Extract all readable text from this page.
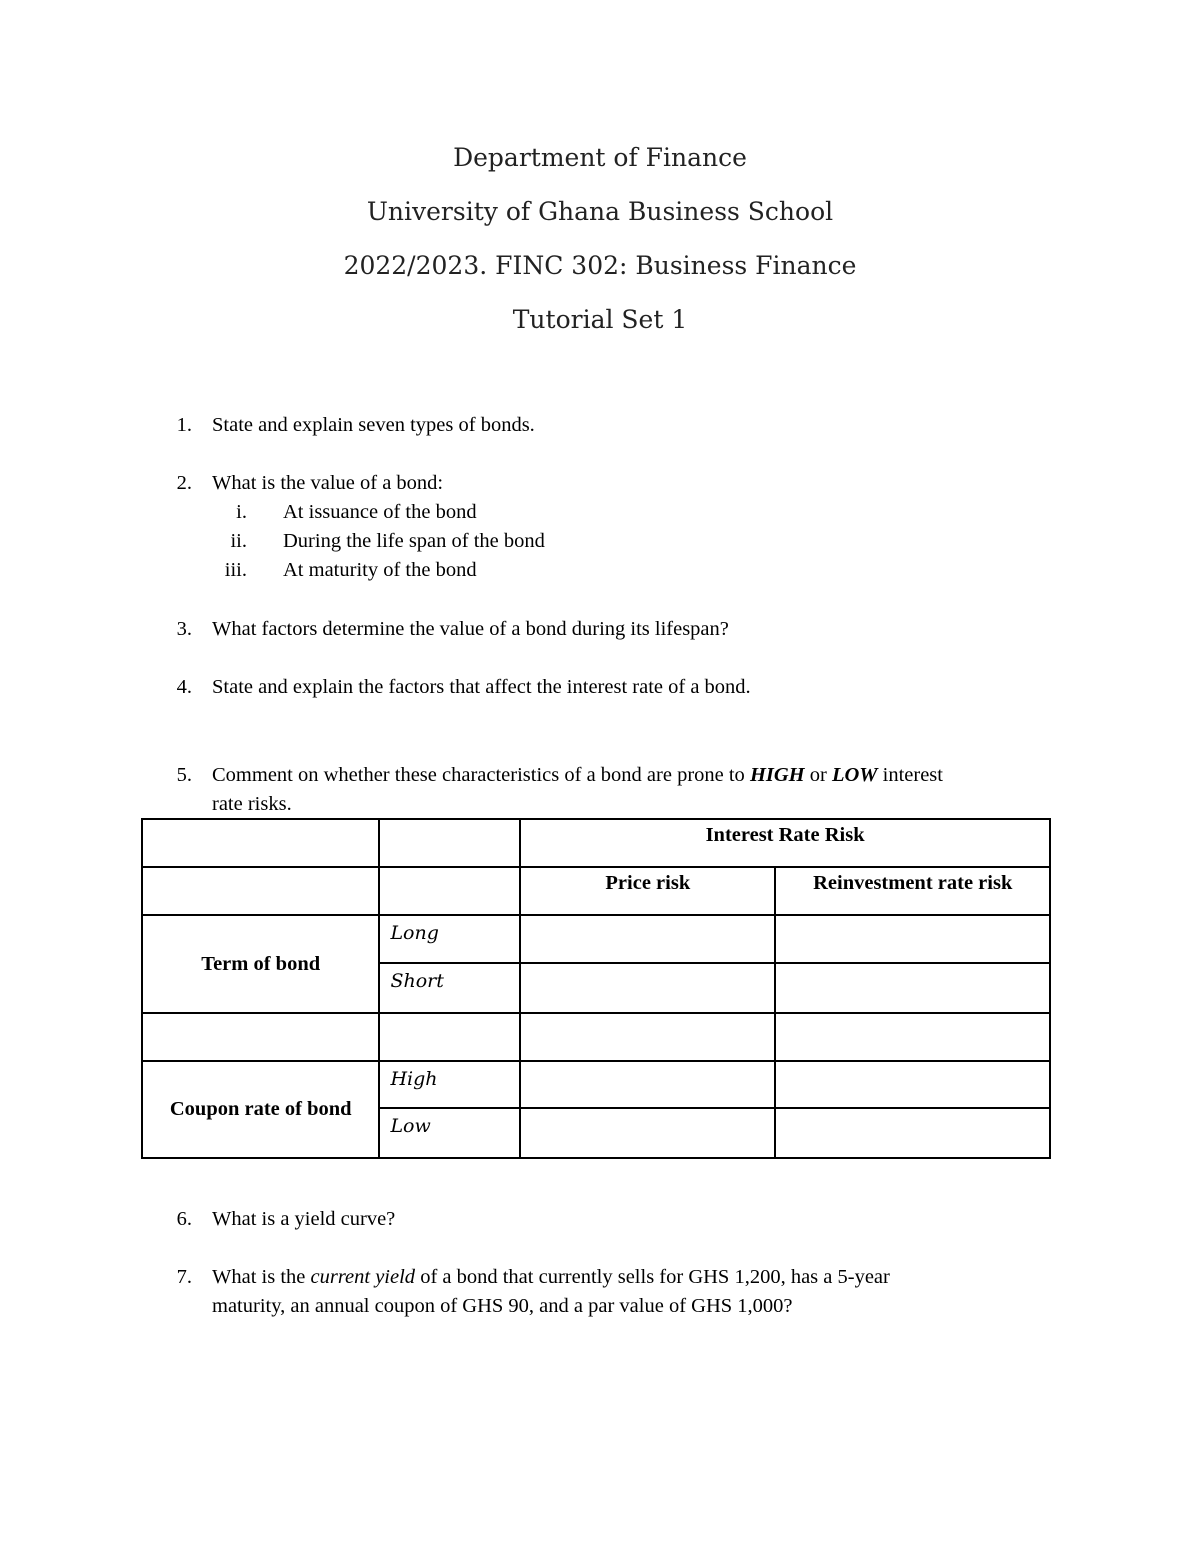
Department of Finance
University of Ghana Business School
2022/2023. FINC 302: Business Finance
Tutorial Set 1
1. State and explain seven types of bonds.
2. What is the value of a bond:
i. At issuance of the bond
ii. During the life span of the bond
iii. At maturity of the bond
3. What factors determine the value of a bond during its lifespan?
4. State and explain the factors that affect the interest rate of a bond.
5. Comment on whether these characteristics of a bond are prone to HIGH or LOW interest
rate risks.
		Interest Rate Risk	
		Price risk	Reinvestment rate risk
Term of bond	Long		
	Short		

Coupon rate of bond	High		
	Low		
6. What is a yield curve?
7. What is the current yield of a bond that currently sells for GHS 1,200, has a 5-year
maturity, an annual coupon of GHS 90, and a par value of GHS 1,000?
